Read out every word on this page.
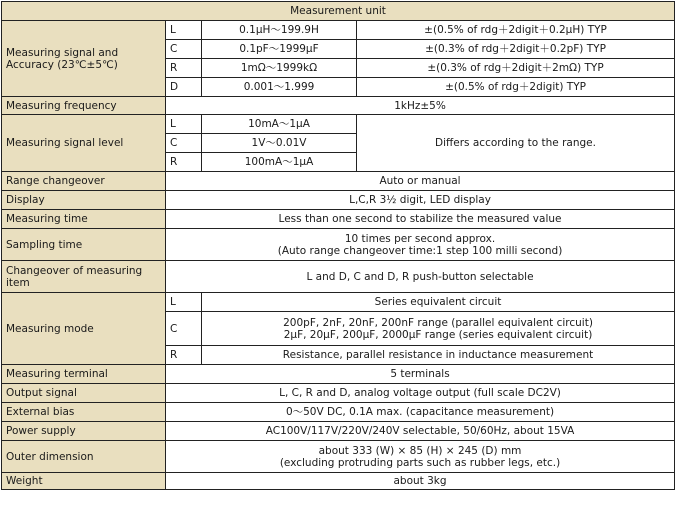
Measurement unit			
Measuring signal and Accuracy (23℃±5℃)	L	0.1μH～199.9H	±(0.5% of rdg＋2digit＋0.2μH) TYP
	C	0.1pF～1999μF	±(0.3% of rdg＋2digit＋0.2pF) TYP
	R	1mΩ～1999kΩ	±(0.3% of rdg＋2digit＋2mΩ) TYP
	D	0.001～1.999	±(0.5% of rdg＋2digit) TYP
Measuring frequency	1kHz±5%		
Measuring signal level	L	10mA～1μA	Differs according to the range.
	C	1V～0.01V	
	R	100mA～1μA	
Range changeover	Auto or manual		
Display	L,C,R 3½ digit, LED display		
Measuring time	Less than one second to stabilize the measured value		
Sampling time	10 times per second approx.
(Auto range changeover time:1 step 100 milli second)		

Changeover of measuring item	L and D, C and D, R push-button selectable		
Measuring mode	L	Series equivalent circuit	
	C	200pF, 2nF, 20nF, 200nF range (parallel equivalent circuit)
2μF, 20μF, 200μF, 2000μF range (series equivalent circuit)	

	R	Resistance, parallel resistance in inductance measurement	
Measuring terminal	5 terminals		
Output signal	L, C, R and D, analog voltage output (full scale DC2V)		
External bias	0～50V DC, 0.1A max. (capacitance measurement)		
Power supply	AC100V/117V/220V/240V selectable, 50/60Hz, about 15VA		
Outer dimension	about 333 (W) × 85 (H) × 245 (D) mm
(excluding protruding parts such as rubber legs, etc.)		

Weight	about 3kg		
